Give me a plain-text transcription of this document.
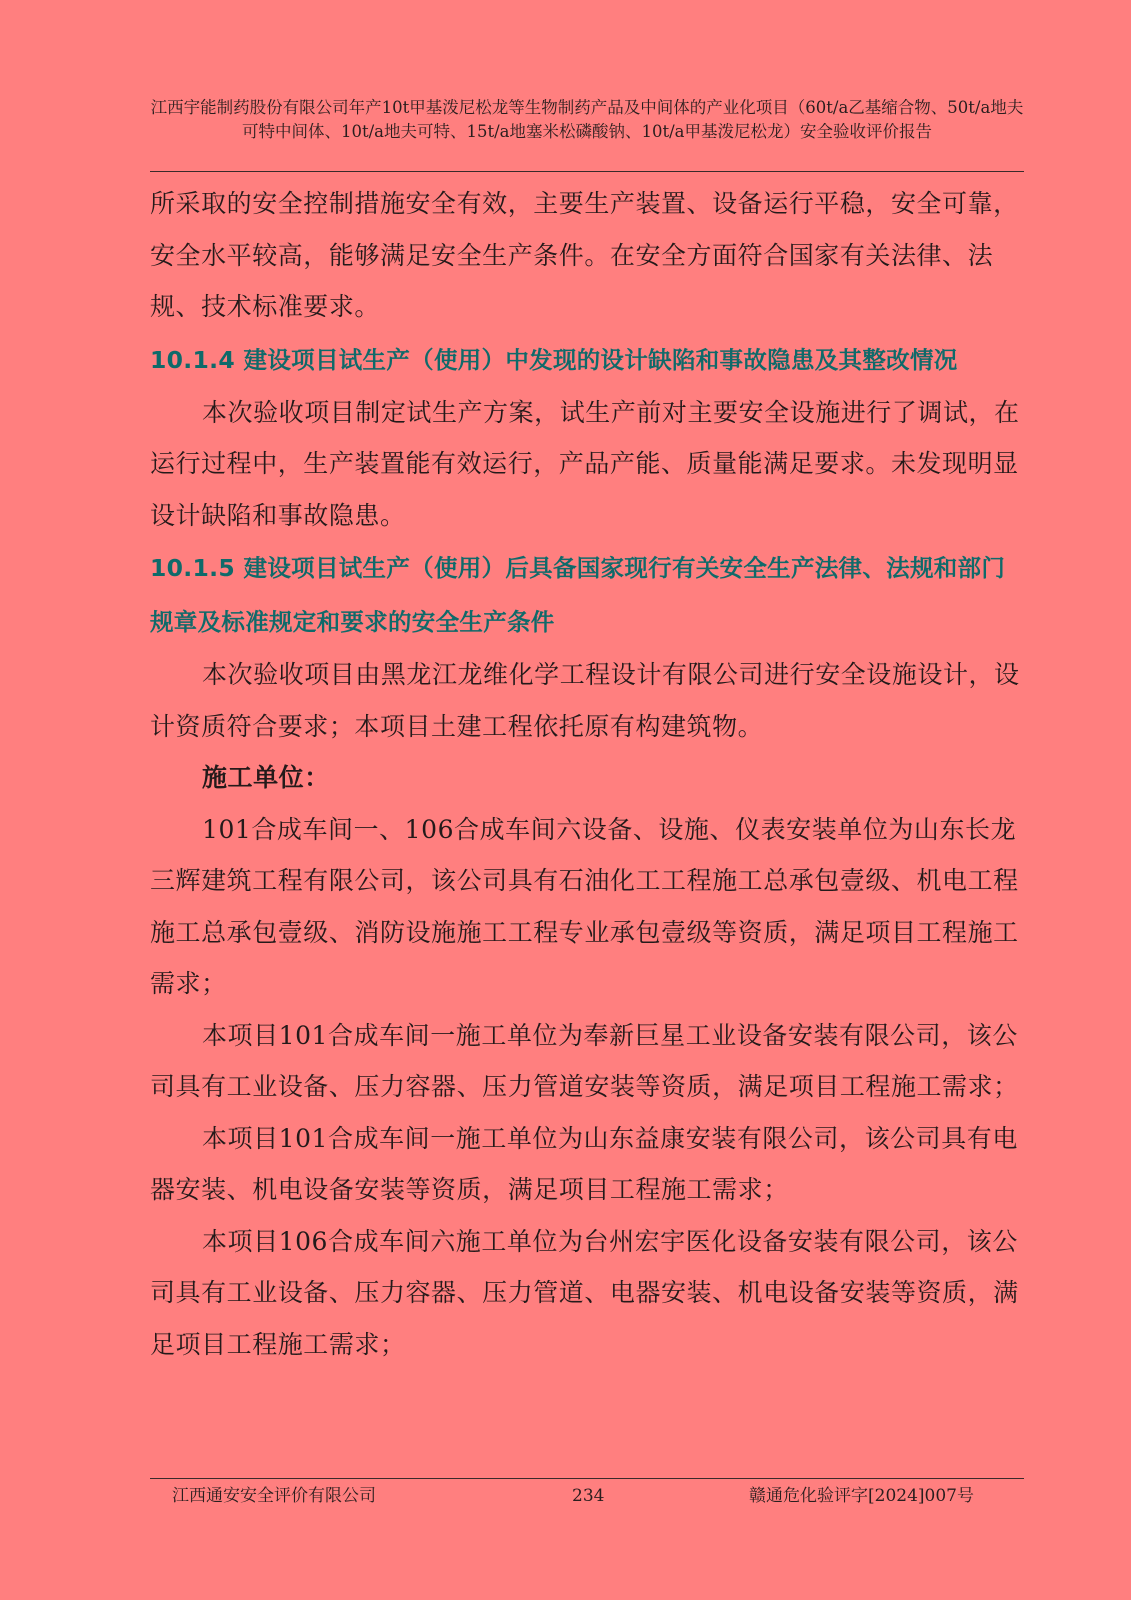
江西宇能制药股份有限公司年产10t甲基泼尼松龙等生物制药产品及中间体的产业化项目（60t/a乙基缩合物、50t/a地夫可特中间体、10t/a地夫可特、15t/a地塞米松磷酸钠、10t/a甲基泼尼松龙）安全验收评价报告

所采取的安全控制措施安全有效，主要生产装置、设备运行平稳，安全可靠，安全水平较高，能够满足安全生产条件。在安全方面符合国家有关法律、法规、技术标准要求。

10.1.4 建设项目试生产（使用）中发现的设计缺陷和事故隐患及其整改情况

本次验收项目制定试生产方案，试生产前对主要安全设施进行了调试，在运行过程中，生产装置能有效运行，产品产能、质量能满足要求。未发现明显设计缺陷和事故隐患。

10.1.5 建设项目试生产（使用）后具备国家现行有关安全生产法律、法规和部门规章及标准规定和要求的安全生产条件

本次验收项目由黑龙江龙维化学工程设计有限公司进行安全设施设计，设计资质符合要求；本项目土建工程依托原有构建筑物。

施工单位：

101合成车间一、106合成车间六设备、设施、仪表安装单位为山东长龙三辉建筑工程有限公司，该公司具有石油化工工程施工总承包壹级、机电工程施工总承包壹级、消防设施施工工程专业承包壹级等资质，满足项目工程施工需求；

本项目101合成车间一施工单位为奉新巨星工业设备安装有限公司，该公司具有工业设备、压力容器、压力管道安装等资质，满足项目工程施工需求；

本项目101合成车间一施工单位为山东益康安装有限公司，该公司具有电器安装、机电设备安装等资质，满足项目工程施工需求；

本项目106合成车间六施工单位为台州宏宇医化设备安装有限公司，该公司具有工业设备、压力容器、压力管道、电器安装、机电设备安装等资质，满足项目工程施工需求；

江西通安安全评价有限公司	234	赣通危化验评字[2024]007号
